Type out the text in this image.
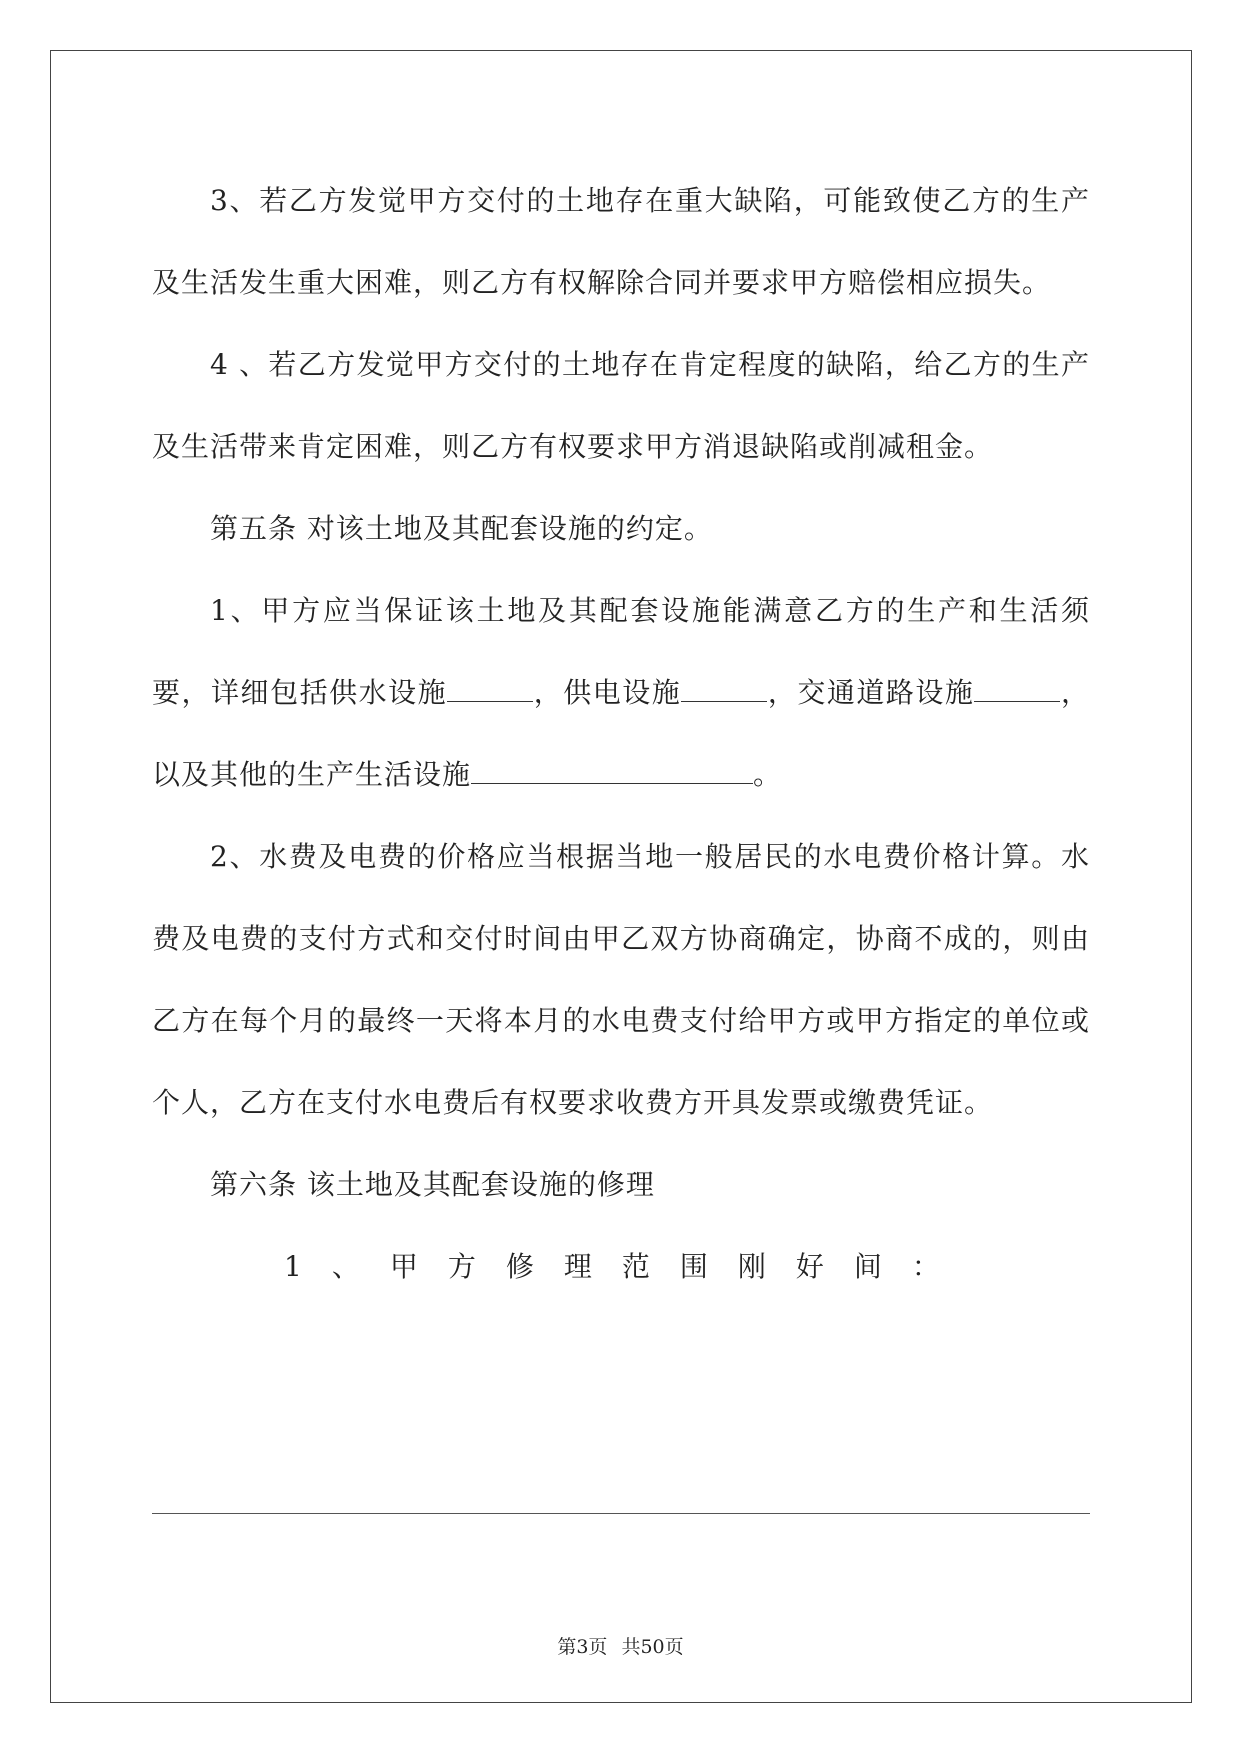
3、若乙方发觉甲方交付的土地存在重大缺陷，可能致使乙方的生产及生活发生重大困难，则乙方有权解除合同并要求甲方赔偿相应损失。

4 、若乙方发觉甲方交付的土地存在肯定程度的缺陷，给乙方的生产及生活带来肯定困难，则乙方有权要求甲方消退缺陷或削减租金。

第五条 对该土地及其配套设施的约定。

1、甲方应当保证该土地及其配套设施能满意乙方的生产和生活须要，详细包括供水设施	，供电设施	，交通道路设施	，以及其他的生产生活设施	。

2、水费及电费的价格应当根据当地一般居民的水电费价格计算。水费及电费的支付方式和交付时间由甲乙双方协商确定，协商不成的，则由乙方在每个月的最终一天将本月的水电费支付给甲方或甲方指定的单位或个人，乙方在支付水电费后有权要求收费方开具发票或缴费凭证。

第六条 该土地及其配套设施的修理

1、甲方修理范围刚好间：

第3页 共50页
